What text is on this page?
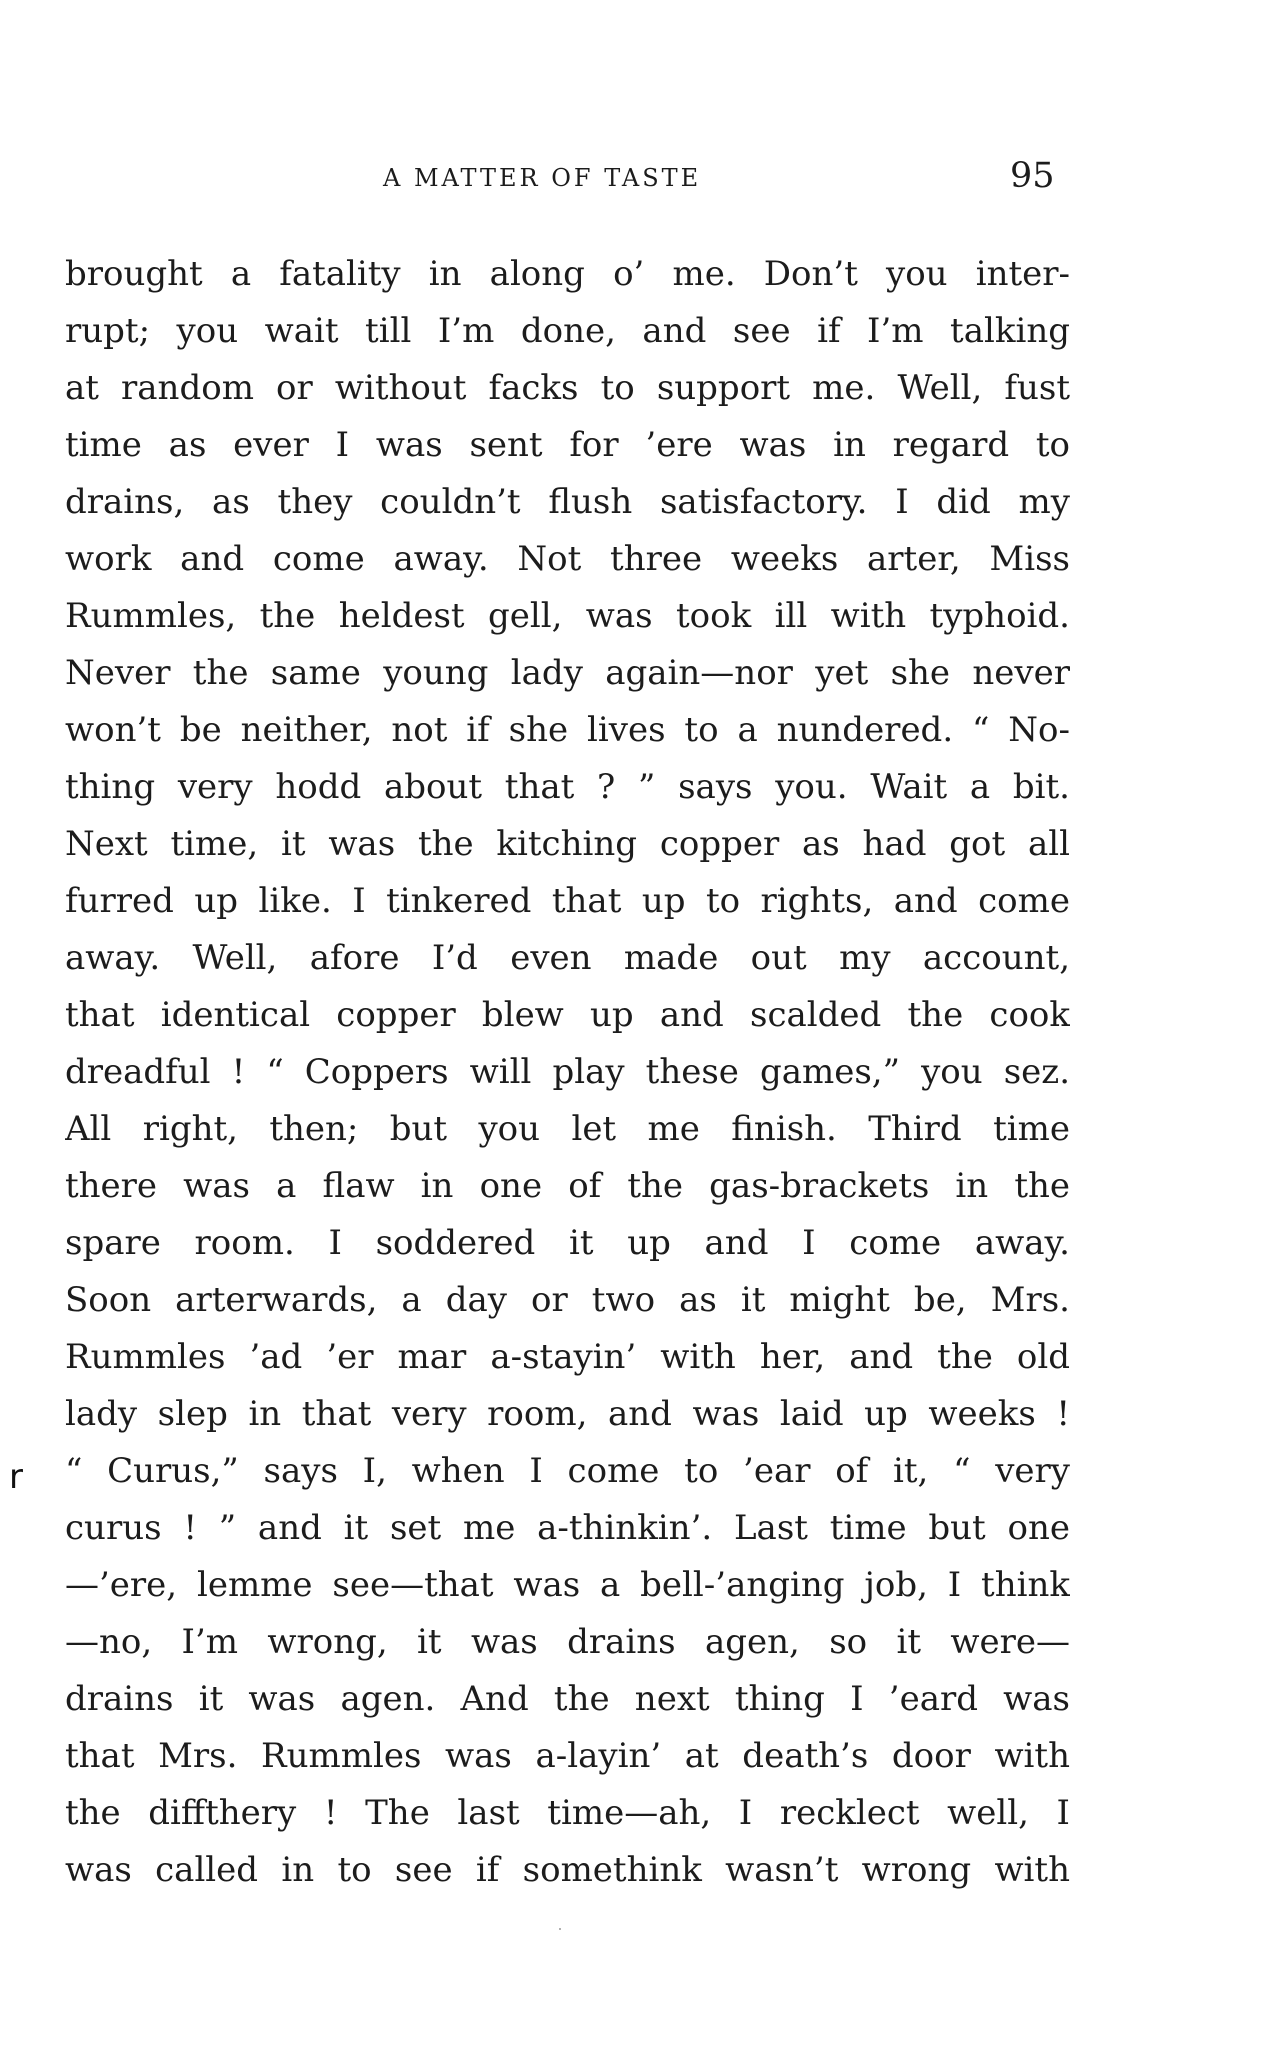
A MATTER OF TASTE	95
r
brought a fatality in along o’ me. Don’t you inter-
rupt; you wait till I’m done, and see if I’m talking
at random or without facks to support me. Well, fust
time as ever I was sent for ’ere was in regard to
drains, as they couldn’t flush satisfactory. I did my
work and come away. Not three weeks arter, Miss
Rummles, the heldest gell, was took ill with typhoid.
Never the same young lady again—nor yet she never
won’t be neither, not if she lives to a nundered. “ No-
thing very hodd about that ? ” says you. Wait a bit.
Next time, it was the kitching copper as had got all
furred up like. I tinkered that up to rights, and come
away. Well, afore I’d even made out my account,
that identical copper blew up and scalded the cook
dreadful ! “ Coppers will play these games,” you sez.
All right, then; but you let me finish. Third time
there was a flaw in one of the gas-brackets in the
spare room. I soddered it up and I come away.
Soon arterwards, a day or two as it might be, Mrs.
Rummles ’ad ’er mar a-stayin’ with her, and the old
lady slep in that very room, and was laid up weeks !
“ Curus,” says I, when I come to ’ear of it, “ very
curus ! ” and it set me a-thinkin’. Last time but one
—’ere, lemme see—that was a bell-’anging job, I think
—no, I’m wrong, it was drains agen, so it were—
drains it was agen. And the next thing I ’eard was
that Mrs. Rummles was a-layin’ at death’s door with
the diffthery ! The last time—ah, I recklect well, I
was called in to see if somethink wasn’t wrong with
